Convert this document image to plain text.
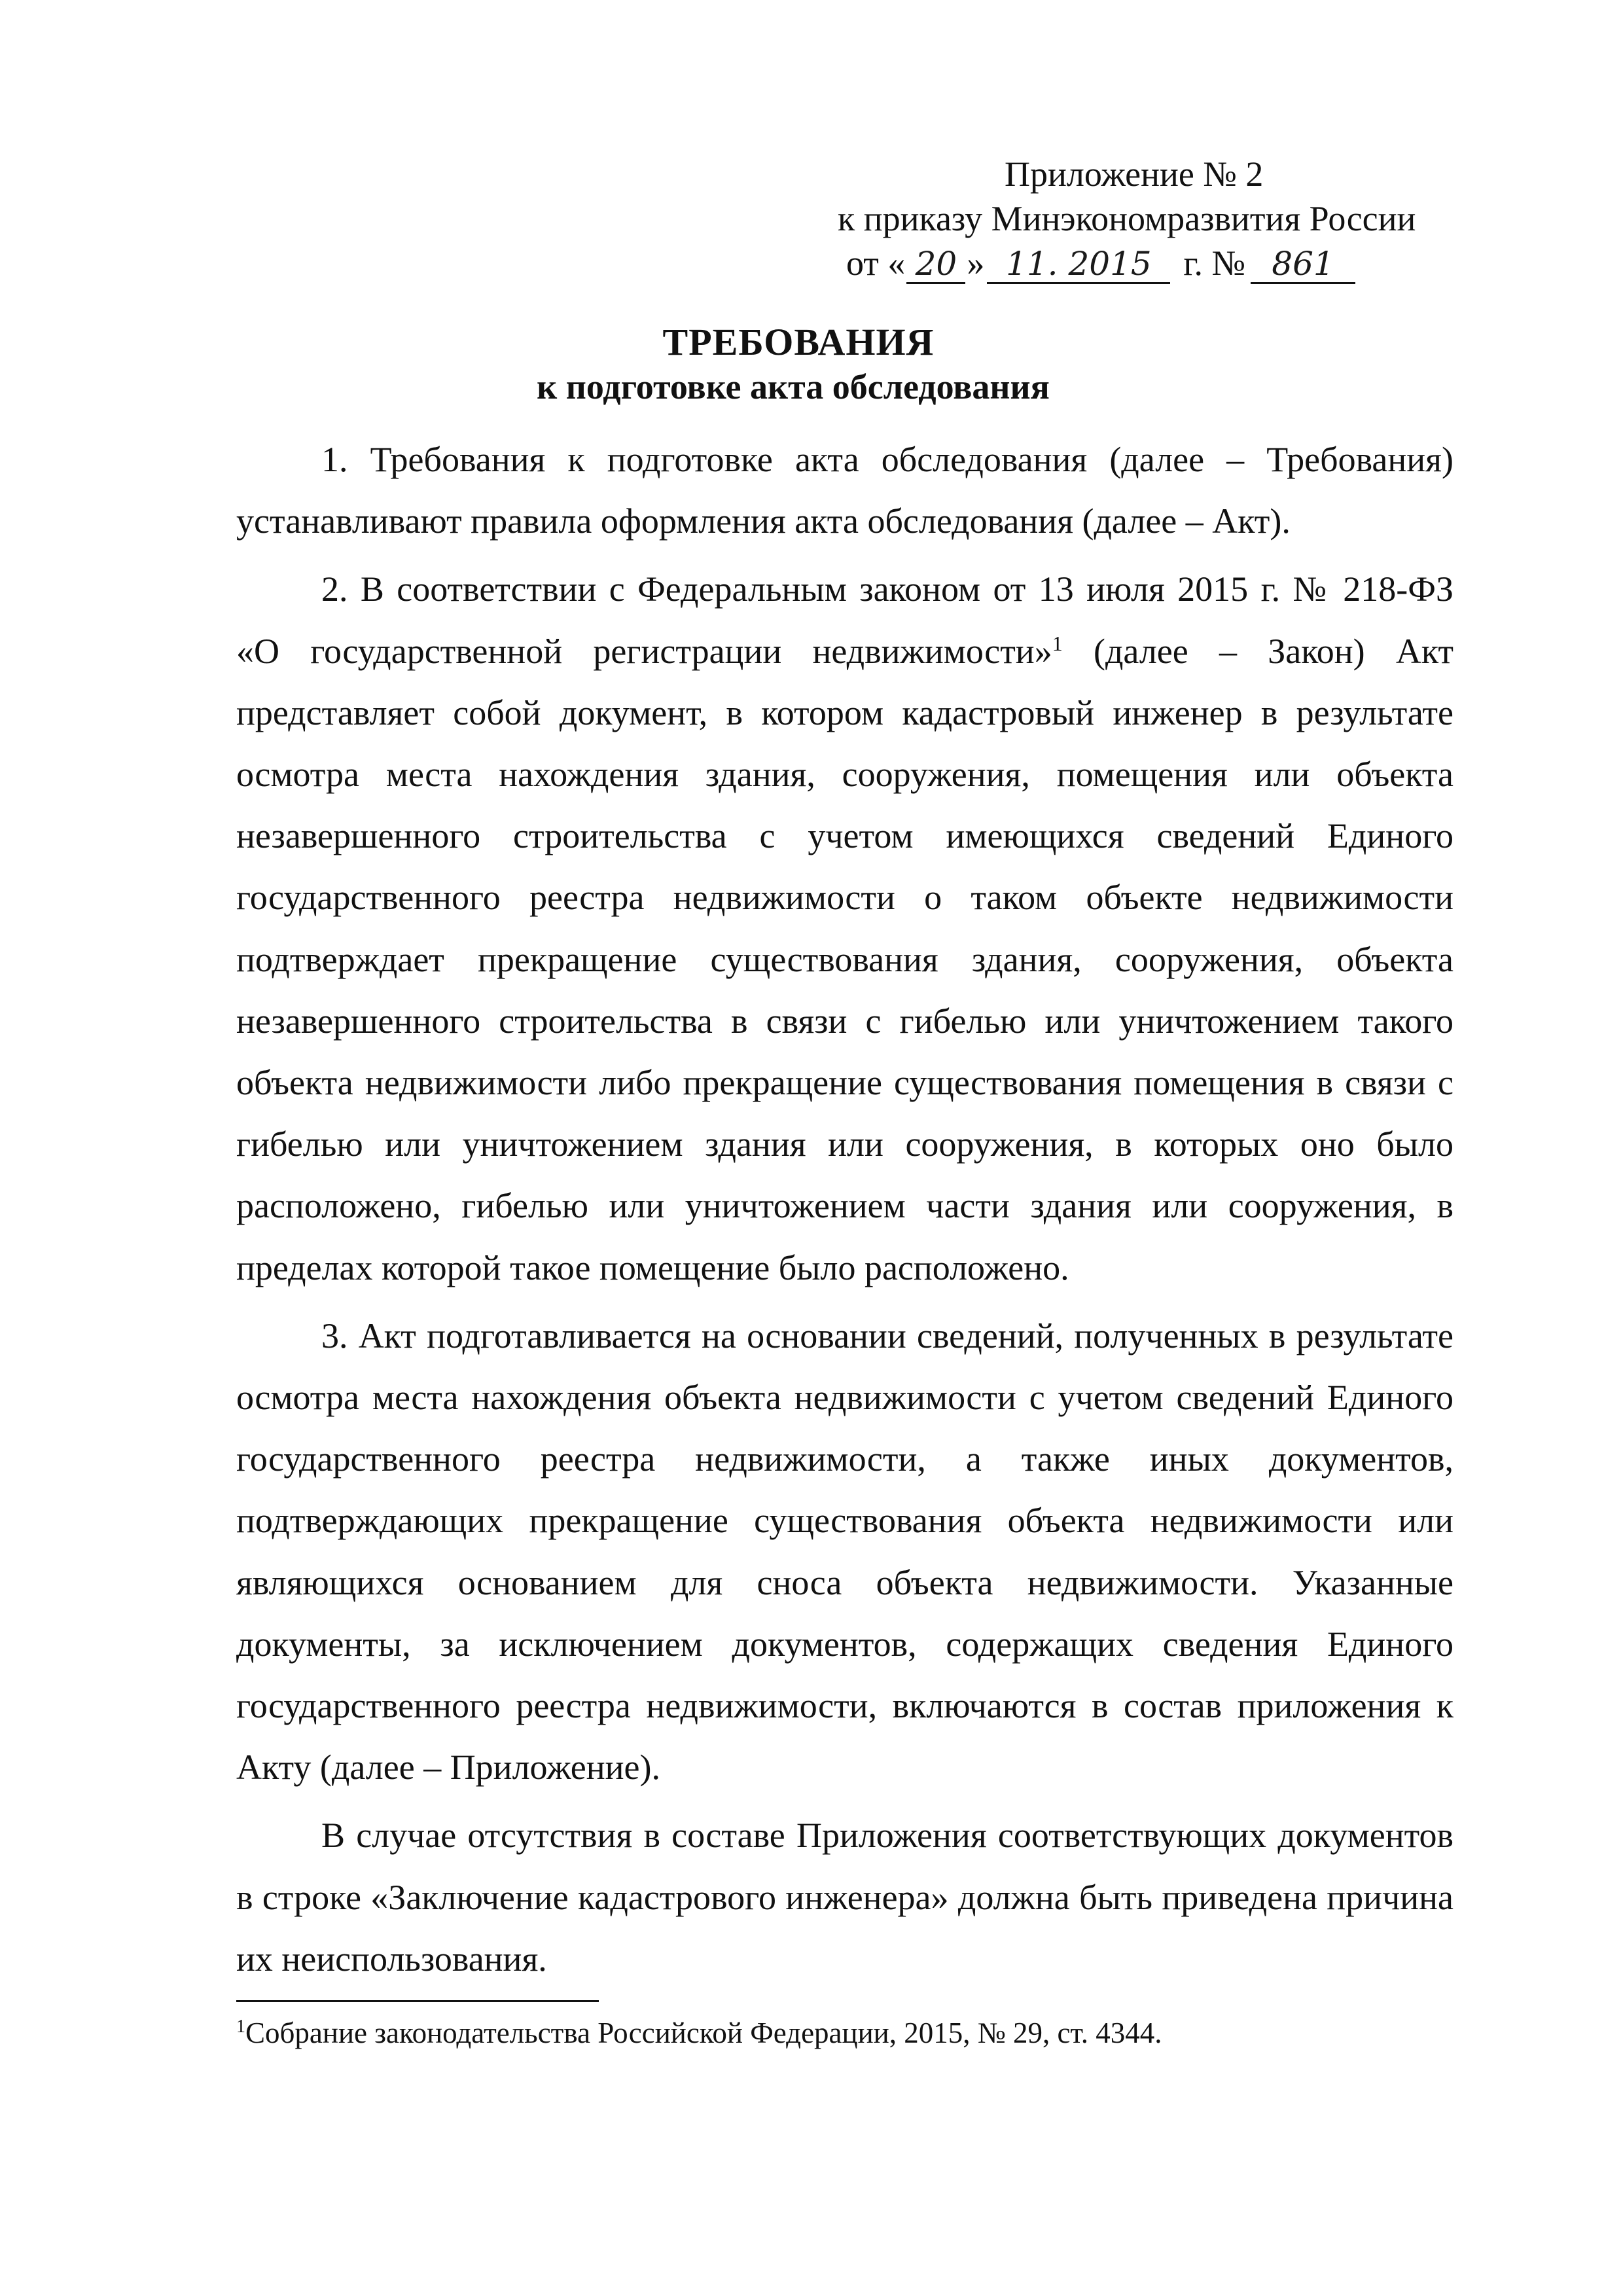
Приложение № 2
к приказу Минэкономразвития России
от « 20 » 11. 2015 г. № 861
ТРЕБОВАНИЯ
к подготовке акта обследования

1. Требования к подготовке акта обследования (далее – Требования) устанавливают правила оформления акта обследования (далее – Акт).

2. В соответствии с Федеральным законом от 13 июля 2015 г. № 218-ФЗ «О государственной регистрации недвижимости»$^1$ (далее – Закон) Акт представляет собой документ, в котором кадастровый инженер в результате осмотра места нахождения здания, сооружения, помещения или объекта незавершенного строительства с учетом имеющихся сведений Единого государственного реестра недвижимости о таком объекте недвижимости подтверждает прекращение существования здания, сооружения, объекта незавершенного строительства в связи с гибелью или уничтожением такого объекта недвижимости либо прекращение существования помещения в связи с гибелью или уничтожением здания или сооружения, в которых оно было расположено, гибелью или уничтожением части здания или сооружения, в пределах которой такое помещение было расположено.

3. Акт подготавливается на основании сведений, полученных в результате осмотра места нахождения объекта недвижимости с учетом сведений Единого государственного реестра недвижимости, а также иных документов, подтверждающих прекращение существования объекта недвижимости или являющихся основанием для сноса объекта недвижимости. Указанные документы, за исключением документов, содержащих сведения Единого государственного реестра недвижимости, включаются в состав приложения к Акту (далее – Приложение).

В случае отсутствия в составе Приложения соответствующих документов в строке «Заключение кадастрового инженера» должна быть приведена причина их неиспользования.

$^1$Собрание законодательства Российской Федерации, 2015, № 29, ст. 4344.
